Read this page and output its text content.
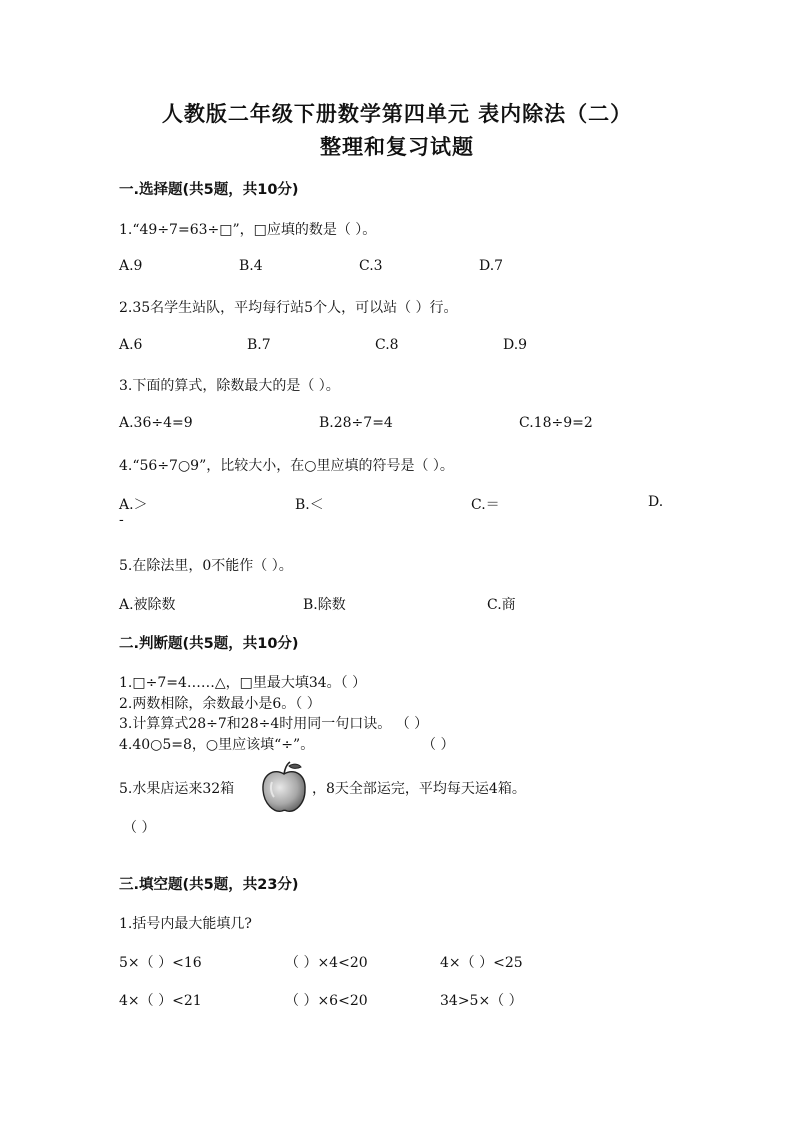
人教版二年级下册数学第四单元 表内除法（二）
整理和复习试题
一.选择题(共5题，共10分)
1.“49÷7=63÷□”，□应填的数是（ ）。
A.9	B.4	C.3	D.7
2.35名学生站队，平均每行站5个人，可以站（ ）行。
A.6	B.7	C.8	D.9
3.下面的算式，除数最大的是（ ）。
A.36÷4=9	B.28÷7=4	C.18÷9=2
4.“56÷7○9”，比较大小，在○里应填的符号是（ ）。
A.＞	B.＜	C.＝	D.
-
5.在除法里，0不能作（ ）。
A.被除数	B.除数	C.商
二.判断题(共5题，共10分)
1.□÷7=4……△，□里最大填34。（ ）
2.两数相除，余数最小是6。（ ）
3.计算算式28÷7和28÷4时用同一句口诀。 （ ）
4.40○5=8，○里应该填“÷”。	（ ）
5.水果店运来32箱	，8天全部运完，平均每天运4箱。
（ ）
三.填空题(共5题，共23分)
1.括号内最大能填几?
5×（ ）<16	（ ）×4<20	4×（ ）<25
4×（ ）<21	（ ）×6<20	34>5×（ ）
